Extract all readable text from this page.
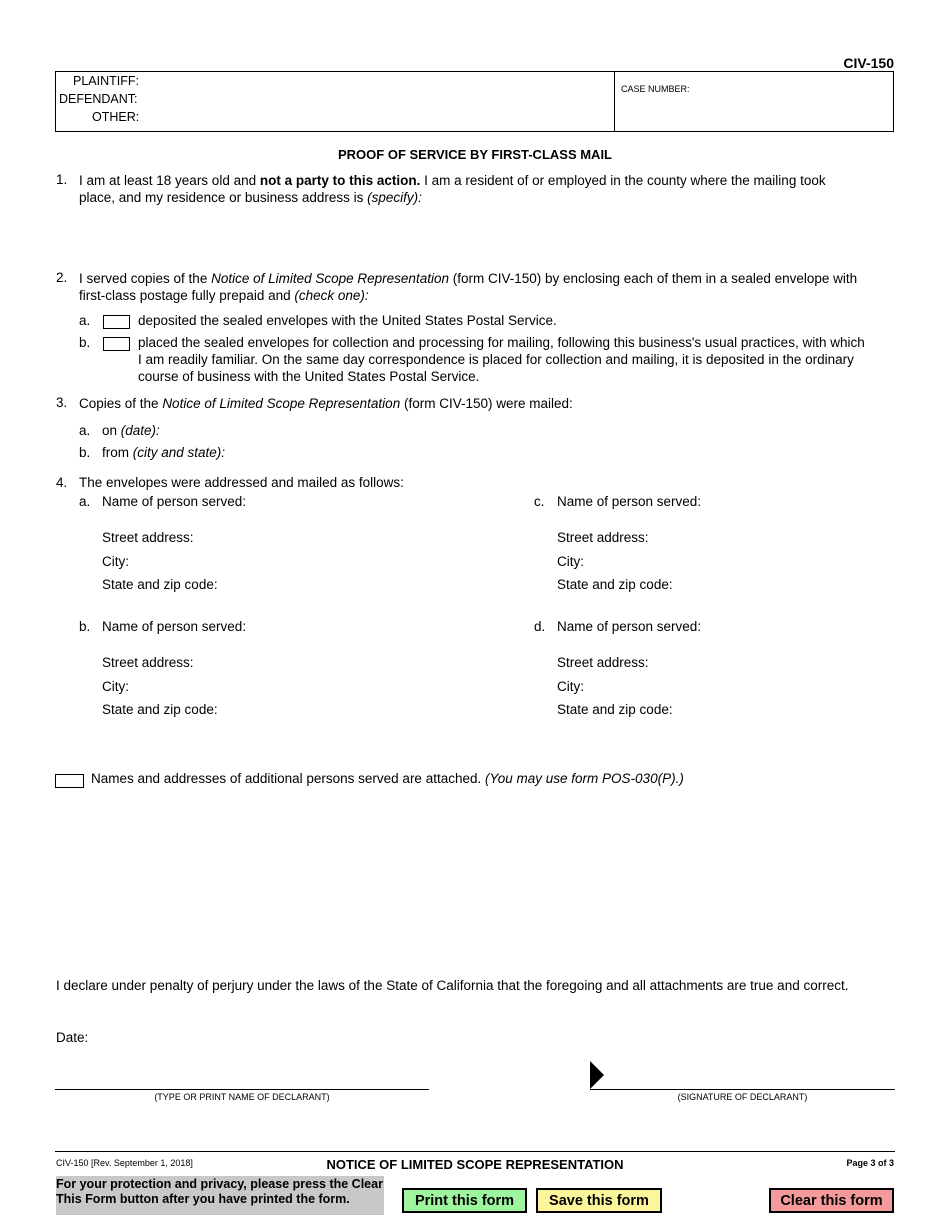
CIV-150
PLAINTIFF:
DEFENDANT:
OTHER:
CASE NUMBER:
PROOF OF SERVICE BY FIRST-CLASS MAIL
1. I am at least 18 years old and not a party to this action. I am a resident of or employed in the county where the mailing took
place, and my residence or business address is (specify):
2. I served copies of the Notice of Limited Scope Representation (form CIV-150) by enclosing each of them in a sealed envelope with
first-class postage fully prepaid and (check one):
a.	deposited the sealed envelopes with the United States Postal Service.
b.	placed the sealed envelopes for collection and processing for mailing, following this business's usual practices, with which
I am readily familiar. On the same day correspondence is placed for collection and mailing, it is deposited in the ordinary
course of business with the United States Postal Service.
3. Copies of the Notice of Limited Scope Representation (form CIV-150) were mailed:
a. on (date):
b. from (city and state):
4. The envelopes were addressed and mailed as follows:
a. Name of person served:
Street address:
City:
State and zip code:
b. Name of person served:
Street address:
City:
State and zip code:
c. Name of person served:
Street address:
City:
State and zip code:
d. Name of person served:
Street address:
City:
State and zip code:
Names and addresses of additional persons served are attached. (You may use form POS-030(P).)
I declare under penalty of perjury under the laws of the State of California that the foregoing and all attachments are true and correct.
Date:
(TYPE OR PRINT NAME OF DECLARANT)	(SIGNATURE OF DECLARANT)
CIV-150 [Rev. September 1, 2018]	NOTICE OF LIMITED SCOPE REPRESENTATION	Page 3 of 3
For your protection and privacy, please press the Clear
This Form button after you have printed the form.	Print this form	Save this form	Clear this form
